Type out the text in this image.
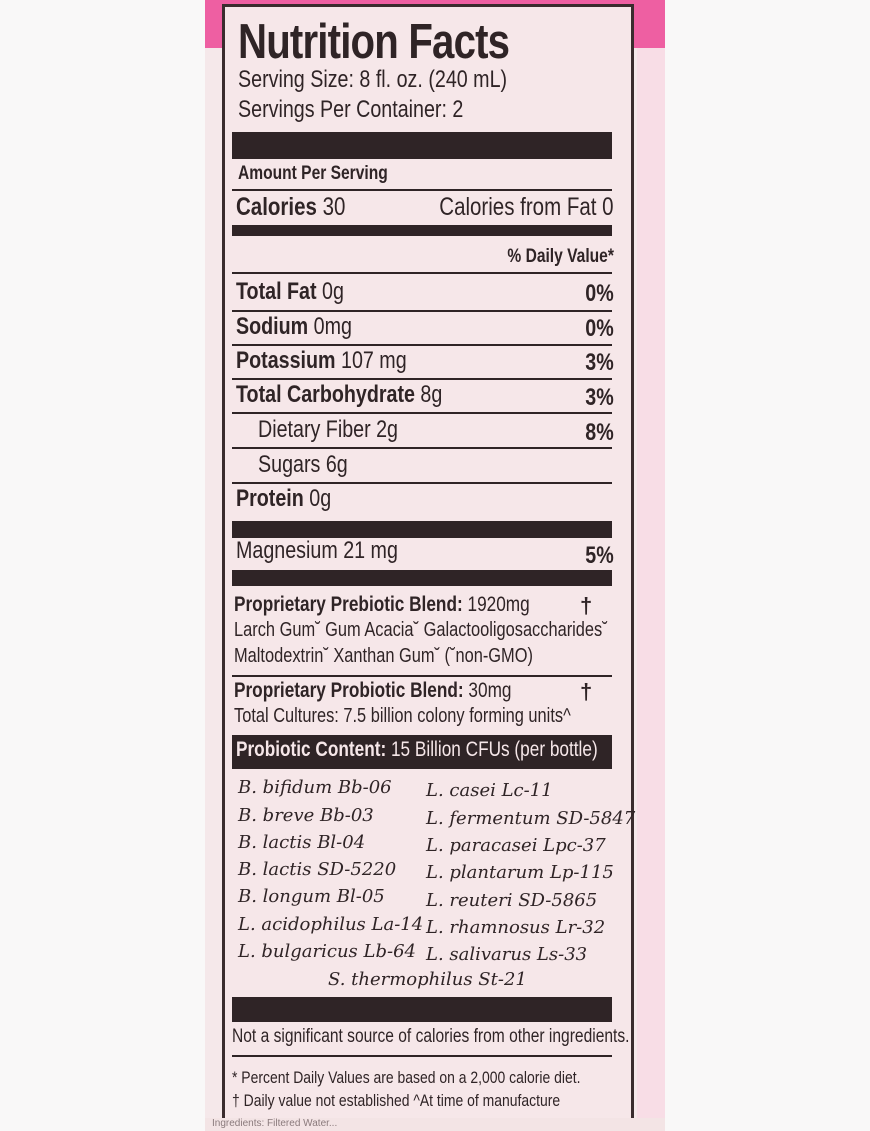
Nutrition Facts
Serving Size: 8 fl. oz. (240 mL)
Servings Per Container: 2
Amount Per Serving
Calories 30	Calories from Fat 0
% Daily Value*
Total Fat 0g	0%
Sodium 0mg	0%
Potassium 107 mg	3%
Total Carbohydrate 8g	3%
Dietary Fiber 2g	8%
Sugars 6g
Protein 0g
Magnesium 21 mg	5%
Proprietary Prebiotic Blend: 1920mg	†
Larch Gum˘ Gum Acacia˘ Galactooligosaccharides˘
Maltodextrin˘ Xanthan Gum˘ (˘non-GMO)
Proprietary Probiotic Blend: 30mg	†
Total Cultures: 7.5 billion colony forming units^
Probiotic Content: 15 Billion CFUs (per bottle)
B. bifidum Bb-06
B. breve Bb-03
B. lactis Bl-04
B. lactis SD-5220
B. longum Bl-05
L. acidophilus La-14
L. bulgaricus Lb-64
L. casei Lc-11
L. fermentum SD-5847
L. paracasei Lpc-37
L. plantarum Lp-115
L. reuteri SD-5865
L. rhamnosus Lr-32
L. salivarus Ls-33
S. thermophilus St-21
Not a significant source of calories from other ingredients.
* Percent Daily Values are based on a 2,000 calorie diet.
† Daily value not established ^At time of manufacture
Ingredients: Filtered Water...
